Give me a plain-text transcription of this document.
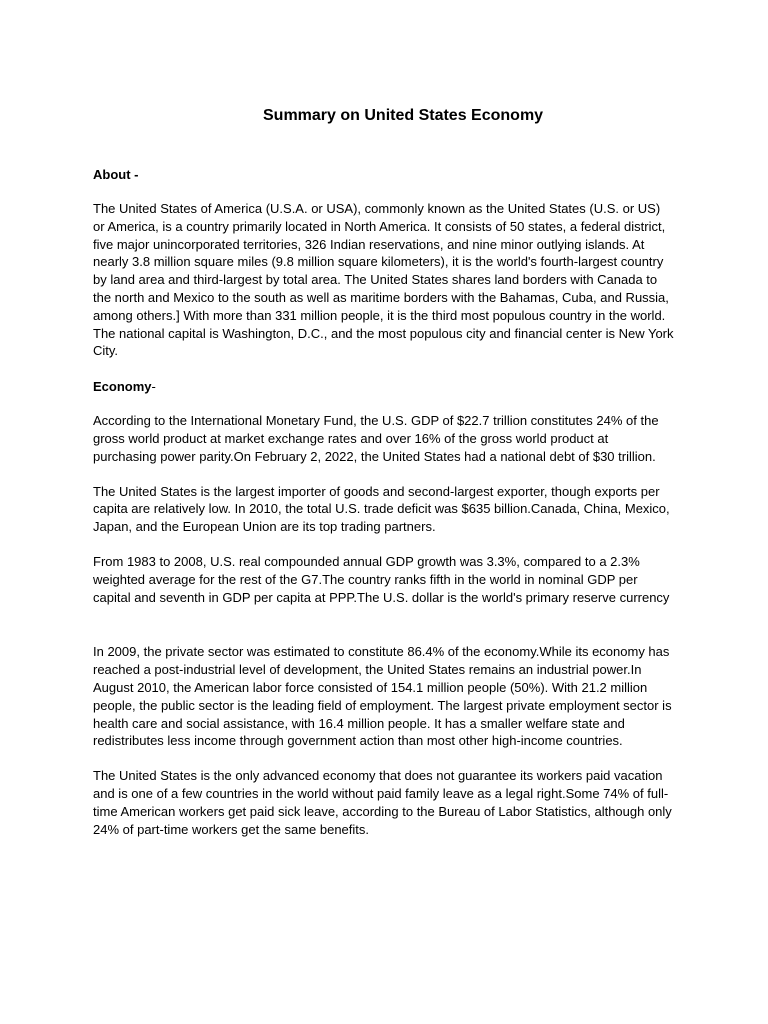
Summary on United States Economy
About -

The United States of America (U.S.A. or USA), commonly known as the United States (U.S. or US) or America, is a country primarily located in North America. It consists of 50 states, a federal district, five major unincorporated territories, 326 Indian reservations, and nine minor outlying islands. At nearly 3.8 million square miles (9.8 million square kilometers), it is the world's fourth-largest country by land area and third-largest by total area. The United States shares land borders with Canada to the north and Mexico to the south as well as maritime borders with the Bahamas, Cuba, and Russia, among others.] With more than 331 million people, it is the third most populous country in the world. The national capital is Washington, D.C., and the most populous city and financial center is New York City.

Economy-

According to the International Monetary Fund, the U.S. GDP of $22.7 trillion constitutes 24% of the gross world product at market exchange rates and over 16% of the gross world product at purchasing power parity.On February 2, 2022, the United States had a national debt of $30 trillion.

The United States is the largest importer of goods and second-largest exporter, though exports per capita are relatively low. In 2010, the total U.S. trade deficit was $635 billion.Canada, China, Mexico, Japan, and the European Union are its top trading partners.

From 1983 to 2008, U.S. real compounded annual GDP growth was 3.3%, compared to a 2.3% weighted average for the rest of the G7.The country ranks fifth in the world in nominal GDP per capital and seventh in GDP per capita at PPP.The U.S. dollar is the world's primary reserve currency

In 2009, the private sector was estimated to constitute 86.4% of the economy.While its economy has reached a post-industrial level of development, the United States remains an industrial power.In August 2010, the American labor force consisted of 154.1 million people (50%). With 21.2 million people, the public sector is the leading field of employment. The largest private employment sector is health care and social assistance, with 16.4 million people. It has a smaller welfare state and redistributes less income through government action than most other high-income countries.

The United States is the only advanced economy that does not guarantee its workers paid vacation and is one of a few countries in the world without paid family leave as a legal right.Some 74% of full-time American workers get paid sick leave, according to the Bureau of Labor Statistics, although only 24% of part-time workers get the same benefits.
